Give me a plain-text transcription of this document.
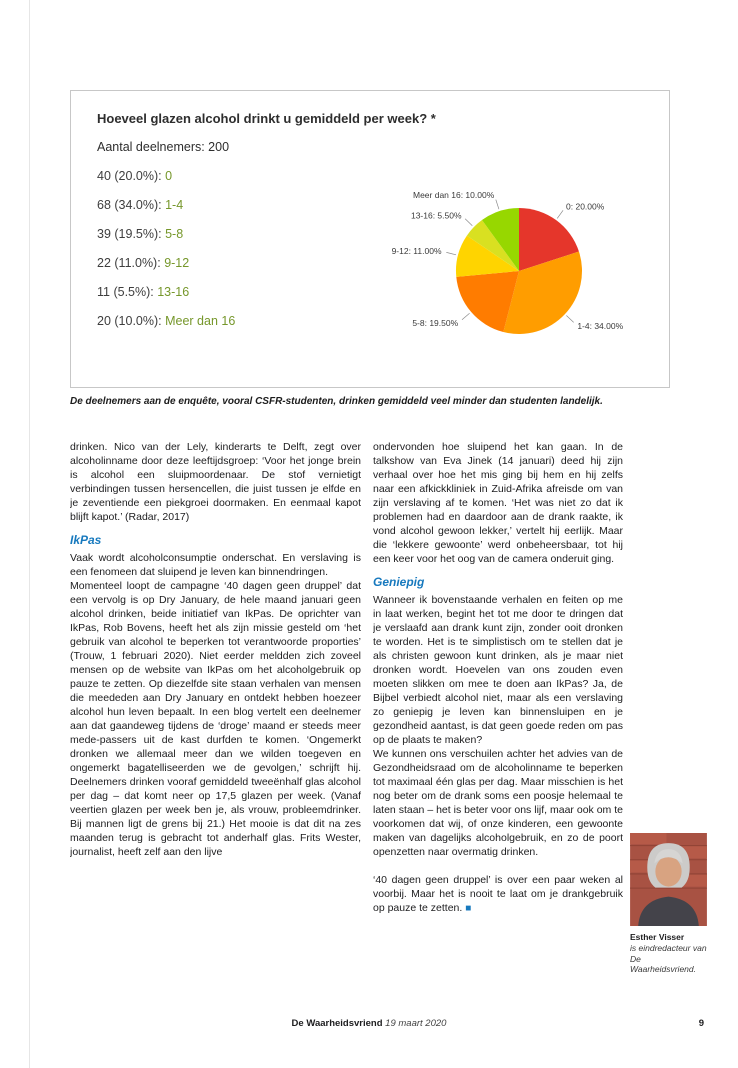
Hoeveel glazen alcohol drinkt u gemiddeld per week? *
Aantal deelnemers: 200
40 (20.0%): 0
68 (34.0%): 1-4
39 (19.5%): 5-8
22 (11.0%): 9-12
11 (5.5%): 13-16
20 (10.0%): Meer dan 16
0: 20.00%
1-4: 34.00%
5-8: 19.50%
9-12: 11.00%
13-16: 5.50%
Meer dan 16: 10.00%

De deelnemers aan de enquête, vooral CSFR-studenten, drinken gemiddeld veel minder dan studenten landelijk.

drinken. Nico van der Lely, kinderarts te Delft, zegt over alcoholinname door deze leeftijdsgroep: ‘Voor het jonge brein is alcohol een sluipmoordenaar. De stof vernietigt verbindingen tussen hersencellen, die juist tussen je elfde en je zeventiende een piekgroei doormaken. En eenmaal kapot blijft kapot.’ (Radar, 2017)

IkPas

Vaak wordt alcoholconsumptie onderschat. En verslaving is een fenomeen dat sluipend je leven kan binnendringen.

Momenteel loopt de campagne ‘40 dagen geen druppel’ dat een vervolg is op Dry January, de hele maand januari geen alcohol drinken, beide initiatief van IkPas. De oprichter van IkPas, Rob Bovens, heeft het als zijn missie gesteld om ‘het gebruik van alcohol te beperken tot verantwoorde proporties’ (Trouw, 1 februari 2020). Niet eerder meldden zich zoveel mensen op de website van IkPas om het alcoholgebruik op pauze te zetten. Op diezelfde site staan verhalen van mensen die meededen aan Dry January en ontdekt hebben hoezeer alcohol hun leven bepaalt. In een blog vertelt een deelnemer aan dat gaandeweg tijdens de ‘droge’ maand er steeds meer mede-passers uit de kast durfden te komen. ‘Ongemerkt dronken we allemaal meer dan we wilden toegeven en ongemerkt bagatelliseerden we de gevolgen,’ schrijft hij. Deelnemers drinken vooraf gemiddeld tweeënhalf glas alcohol per dag – dat komt neer op 17,5 glazen per week. (Vanaf veertien glazen per week ben je, als vrouw, probleemdrinker. Bij mannen ligt de grens bij 21.) Het mooie is dat dit na zes maanden terug is gebracht tot anderhalf glas. Frits Wester, journalist, heeft zelf aan den lijve

ondervonden hoe sluipend het kan gaan. In de talkshow van Eva Jinek (14 januari) deed hij zijn verhaal over hoe het mis ging bij hem en hij zelfs naar een afkickkliniek in Zuid-Afrika afreisde om van zijn verslaving af te komen. ‘Het was niet zo dat ik problemen had en daardoor aan de drank raakte, ik vond alcohol gewoon lekker,’ vertelt hij eerlijk. Maar die ‘lekkere gewoonte’ werd onbeheersbaar, tot hij een keer voor het oog van de camera onderuit ging.

Geniepig

Wanneer ik bovenstaande verhalen en feiten op me in laat werken, begint het tot me door te dringen dat je verslaafd aan drank kunt zijn, zonder ooit dronken te worden. Het is te simplistisch om te stellen dat je als christen gewoon kunt drinken, als je maar niet dronken wordt. Hoevelen van ons zouden even moeten slikken om mee te doen aan IkPas? Ja, de Bijbel verbiedt alcohol niet, maar als een verslaving zo geniepig je leven kan binnensluipen en je gezondheid aantast, is dat geen goede reden om pas op de plaats te maken?

We kunnen ons verschuilen achter het advies van de Gezondheidsraad om de alcoholinname te beperken tot maximaal één glas per dag. Maar misschien is het nog beter om de drank soms een poosje helemaal te laten staan – het is beter voor ons lijf, maar ook om te voorkomen dat wij, of onze kinderen, een gewoonte maken van dagelijks alcoholgebruik, en zo de poort openzetten naar overmatig drinken.

‘40 dagen geen druppel’ is over een paar weken al voorbij. Maar het is nooit te laat om je drankgebruik op pauze te zetten. ■

Esther Visser
is eindredacteur van De Waarheidsvriend.
De Waarheidsvriend 19 maart 2020	9
